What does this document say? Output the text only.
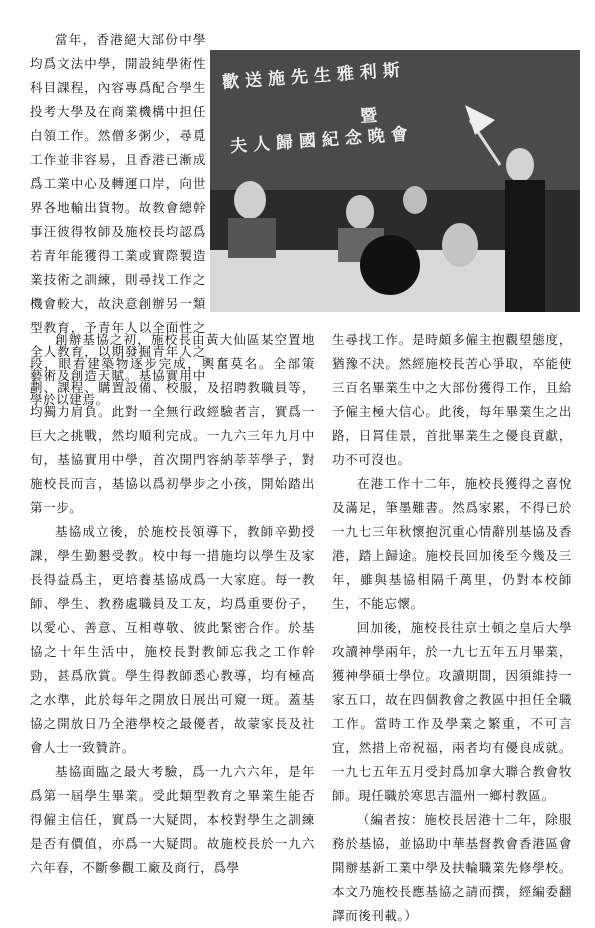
當年，香港絕大部份中學均爲文法中學，開設純學術性科目課程，內容專爲配合學生投考大學及在商業機構中担任白領工作。然僧多粥少，尋覓工作並非容易，且香港已漸成爲工業中心及轉運口岸，向世界各地輸出貨物。故教會總幹事汪彼得牧師及施校長均認爲若青年能獲得工業或實際製造業技術之訓練，則尋找工作之機會較大，故決意創辦另一類型教育，予青年人以全面性之全人教育，以期發掘青年人之藝術及創造天賦。基協實用中學於以建焉。

歡送施先生雅利斯
暨
夫人歸國紀念晚會

創辦基協之初，施校長由黃大仙區某空置地段，眼看建築物逐步完成，輿奮莫名。全部策劃、課程、購置設備、校服，及招聘教職員等，均獨力肩負。此對一全無行政經驗者言，實爲一巨大之挑戰，然均順利完成。一九六三年九月中旬，基協實用中學，首次開門容納莘莘學子，對施校長而言，基協以爲初學步之小孩，開始踏出第一步。

基協成立後，於施校長領導下，教師辛勤授課，學生勤懇受教。校中每一措施均以學生及家長得益爲主，更培養基協成爲一大家庭。每一教師、學生、教務處職員及工友，均爲重要份子，以愛心、善意、互相尊敬、彼此緊密合作。於基協之十年生活中，施校長對教師忘我之工作幹勁，甚爲欣賞。學生得教師悉心教導，均有極高之水準，此於每年之開放日展出可窺一斑。蓋基協之開放日乃全港學校之最優者，故蒙家長及社會人士一致贊許。

基協面臨之最大考驗，爲一九六六年，是年爲第一屆學生畢業。受此類型教育之畢業生能否得僱主信任，實爲一大疑問，本校對學生之訓練是否有價值，亦爲一大疑問。故施校長於一九六六年春，不斷參觀工廠及商行，爲學

生尋找工作。是時頗多僱主抱觀望態度，猶豫不決。然經施校長苦心爭取，卒能使三百名畢業生中之大部份獲得工作，且給予僱主極大信心。此後，每年畢業生之出路，日罥佳景，首批畢業生之優良貢獻，功不可沒也。

在港工作十二年，施校長獲得之喜悅及滿足，筆墨難書。然爲家累，不得已於一九七三年秋懷抱沉重心情辭別基協及香港，踏上歸途。施校長回加後至今幾及三年，雖與基協相隔千萬里，仍對本校師生，不能忘懷。

回加後，施校長往京士頓之皇后大學攻讀神學兩年，於一九七五年五月畢業，獲神學碩士學位。攻讀期間，因須維持一家五口，故在四個教會之教區中担任全職工作。當時工作及學業之繁重，不可言宜，然措上帝祝福，兩者均有優良成就。一九七五年五月受封爲加拿大聯合教會牧師。現任職於寒思吉溫州一鄉村教區。

（編者按：施校長居港十二年，除服務於基協，並協助中華基督教會香港區會開辦基新工業中學及扶輪職業先修學校。本文乃施校長應基協之請而撰，經編委翻譯而後刊載。）
